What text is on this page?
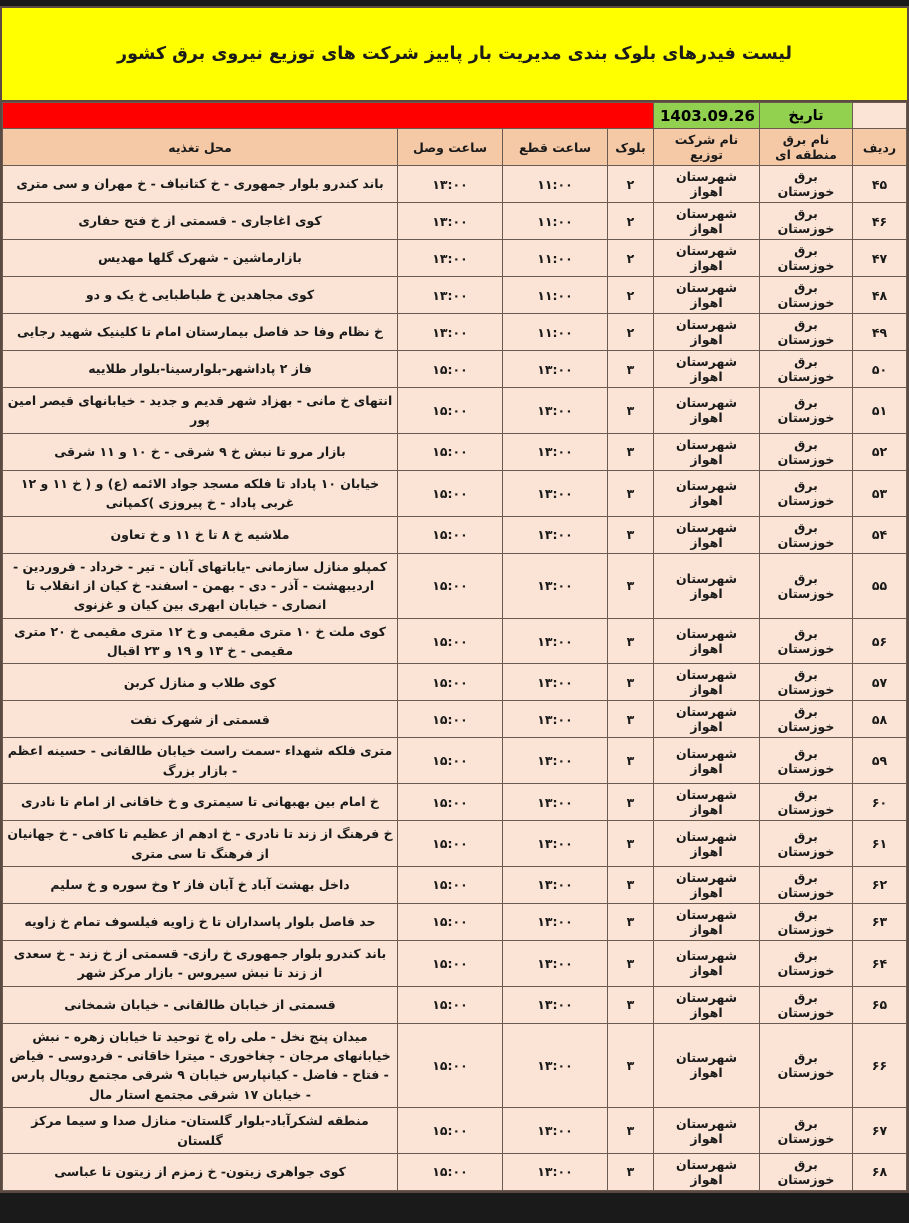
ليست فيدرهای بلوک بندی مديريت بار پاييز شرکت های توزيع نيروی برق کشور
	تاریخ	1403.09.26				
ردیف	نام برق منطقه ای	نام شرکت توزیع	بلوک	ساعت قطع	ساعت وصل	محل تغذیه
۴۵	برق خوزستان	شهرستان اهواز	۲	۱۱:۰۰	۱۳:۰۰	باند کندرو بلوار جمهوری - خ کتانباف - خ مهران و سی متری
۴۶	برق خوزستان	شهرستان اهواز	۲	۱۱:۰۰	۱۳:۰۰	کوی اغاجاری - قسمتی از خ فتح حفاری
۴۷	برق خوزستان	شهرستان اهواز	۲	۱۱:۰۰	۱۳:۰۰	بازارماشین - شهرک گلها مهدیس
۴۸	برق خوزستان	شهرستان اهواز	۲	۱۱:۰۰	۱۳:۰۰	کوی مجاهدین خ طباطبایی خ یک و دو
۴۹	برق خوزستان	شهرستان اهواز	۲	۱۱:۰۰	۱۳:۰۰	خ نظام وفا حد فاصل بیمارستان امام تا کلینیک شهید رجایی
۵۰	برق خوزستان	شهرستان اهواز	۳	۱۳:۰۰	۱۵:۰۰	فاز ۲ پاداشهر-بلوارسینا-بلوار طلاییه
۵۱	برق خوزستان	شهرستان اهواز	۳	۱۳:۰۰	۱۵:۰۰	انتهای خ مانی - بهزاد شهر قدیم و جدید - خیابانهای قیصر امین پور
۵۲	برق خوزستان	شهرستان اهواز	۳	۱۳:۰۰	۱۵:۰۰	بازار مرو تا نبش خ ۹ شرقی - خ ۱۰ و ۱۱ شرقی
۵۳	برق خوزستان	شهرستان اهواز	۳	۱۳:۰۰	۱۵:۰۰	خیابان ۱۰ پاداد تا فلکه مسجد جواد الائمه (ع) و ( خ ۱۱ و ۱۲ غربی پاداد - خ پیروزی )کمپانی
۵۴	برق خوزستان	شهرستان اهواز	۳	۱۳:۰۰	۱۵:۰۰	ملاشیه خ ۸ تا خ ۱۱ و خ تعاون
۵۵	برق خوزستان	شهرستان اهواز	۳	۱۳:۰۰	۱۵:۰۰	کمپلو منازل سازمانی -یاباتهای آبان - تیر - خرداد - فروردین - اردیبهشت - آذر - دی - بهمن - اسفند- خ کیان از انقلاب تا انصاری - خیابان ابهری بین کیان و غزنوی
۵۶	برق خوزستان	شهرستان اهواز	۳	۱۳:۰۰	۱۵:۰۰	کوی ملت خ ۱۰ متری مقیمی و خ ۱۲ متری مقیمی خ ۲۰ متری مقیمی - خ ۱۳ و ۱۹ و ۲۳ اقبال
۵۷	برق خوزستان	شهرستان اهواز	۳	۱۳:۰۰	۱۵:۰۰	کوی طلاب و منازل کربن
۵۸	برق خوزستان	شهرستان اهواز	۳	۱۳:۰۰	۱۵:۰۰	قسمتی از شهرک نفت
۵۹	برق خوزستان	شهرستان اهواز	۳	۱۳:۰۰	۱۵:۰۰	متری فلکه شهداء -سمت راست خیابان طالقانی - حسینه اعظم - بازار بزرگ
۶۰	برق خوزستان	شهرستان اهواز	۳	۱۳:۰۰	۱۵:۰۰	خ امام بین بهبهانی تا سیمتری و خ خاقانی از امام تا نادری
۶۱	برق خوزستان	شهرستان اهواز	۳	۱۳:۰۰	۱۵:۰۰	خ فرهنگ از زند تا نادری - خ ادهم از عظیم تا کافی - خ جهانیان از فرهنگ تا سی متری
۶۲	برق خوزستان	شهرستان اهواز	۳	۱۳:۰۰	۱۵:۰۰	داخل بهشت آباد خ آبان فاز ۲ وخ سوره و خ سلیم
۶۳	برق خوزستان	شهرستان اهواز	۳	۱۳:۰۰	۱۵:۰۰	حد فاصل بلوار پاسداران تا خ زاویه فیلسوف تمام خ زاویه
۶۴	برق خوزستان	شهرستان اهواز	۳	۱۳:۰۰	۱۵:۰۰	باند کندرو بلوار جمهوری خ رازی- قسمتی از خ زند - خ سعدی از زند تا نبش سیروس - بازار مرکز شهر
۶۵	برق خوزستان	شهرستان اهواز	۳	۱۳:۰۰	۱۵:۰۰	قسمتی از خیابان طالقانی - خیابان شمخانی
۶۶	برق خوزستان	شهرستان اهواز	۳	۱۳:۰۰	۱۵:۰۰	میدان پنج نخل - ملی راه خ توحید تا خیابان زهره - نبش خیابانهای مرجان - چغاخوری - میترا خاقانی - فردوسی - فیاض - فتاح - فاضل - کیانپارس خیابان ۹ شرقی مجتمع رویال پارس - خیابان ۱۷ شرقی مجتمع استار مال
۶۷	برق خوزستان	شهرستان اهواز	۳	۱۳:۰۰	۱۵:۰۰	منطقه لشکرآباد-بلوار گلستان- منازل صدا و سیما مرکز گلستان
۶۸	برق خوزستان	شهرستان اهواز	۳	۱۳:۰۰	۱۵:۰۰	کوی جواهری زیتون- خ زمزم از زیتون تا عباسی
